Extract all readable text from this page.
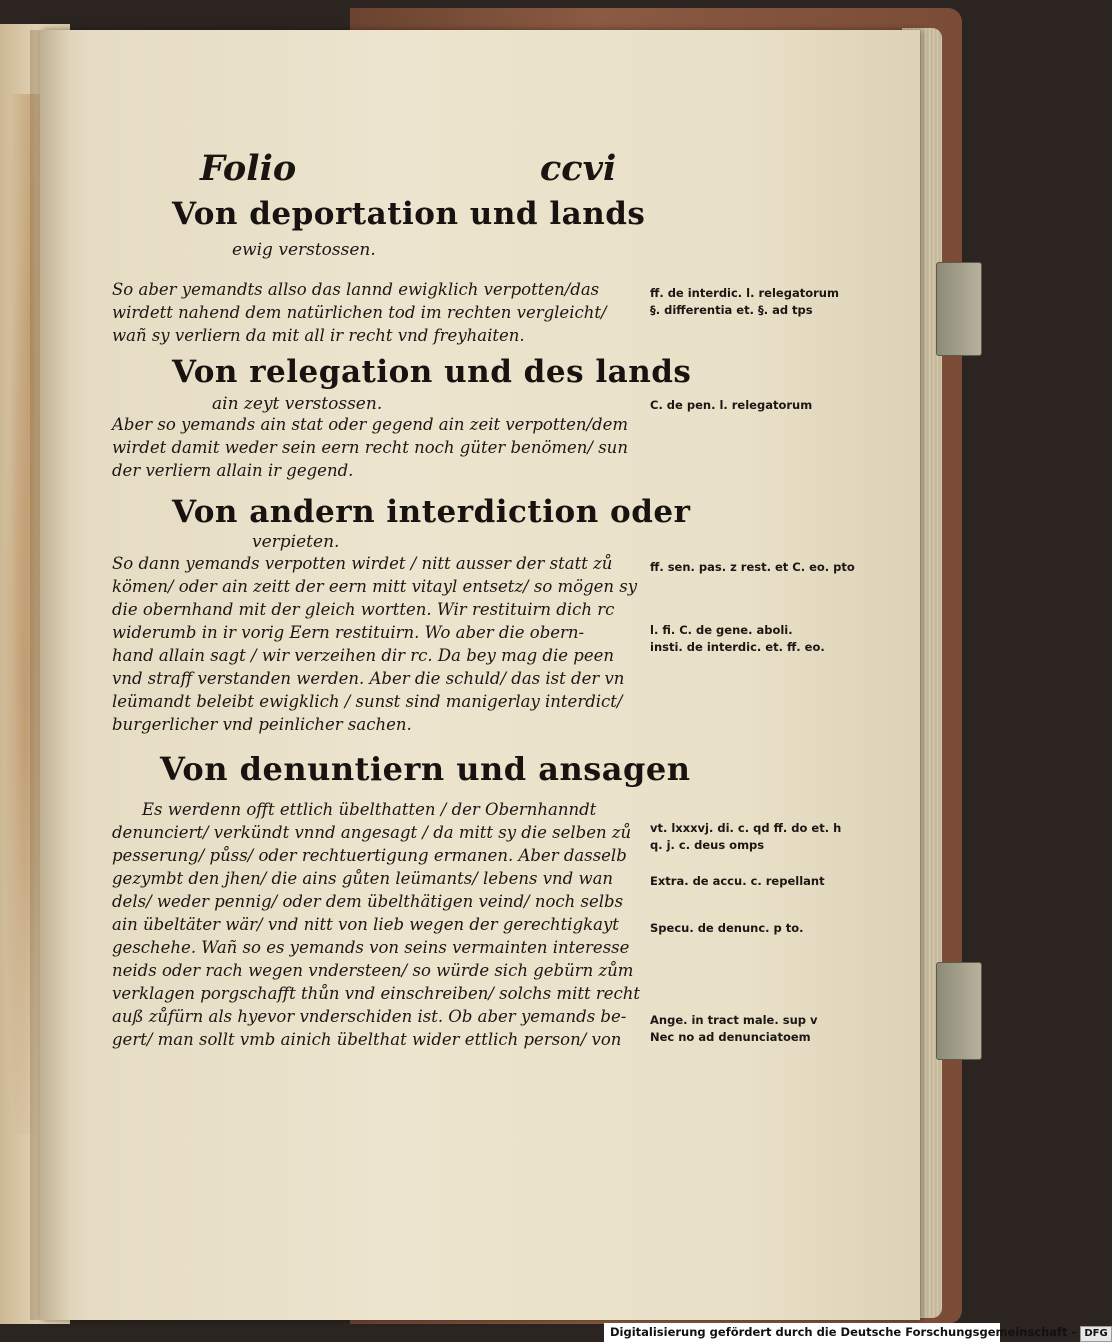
Folio	ccvi
Von deportation und lands
ewig verstossen.
So aber yemandts allso das lannd ewigklich verpotten/das
wirdett nahend dem natürlichen tod im rechten vergleicht/
wañ sy verliern da mit all ir recht vnd freyhaiten.
Von relegation und des lands
ain zeyt verstossen.
Aber so yemands ain stat oder gegend ain zeit verpotten/dem
wirdet damit weder sein eern recht noch güter benömen/ sun
der verliern allain ir gegend.
Von andern interdiction oder
verpieten.
So dann yemands verpotten wirdet / nitt ausser der statt zů
kömen/ oder ain zeitt der eern mitt vitayl entsetz/ so mögen sy
die obernhand mit der gleich wortten. Wir restituirn dich rc
widerumb in ir vorig Eern restituirn. Wo aber die obern-
hand allain sagt / wir verzeihen dir rc. Da bey mag die peen
vnd straff verstanden werden. Aber die schuld/ das ist der vn
leümandt beleibt ewigklich / sunst sind manigerlay interdict/
burgerlicher vnd peinlicher sachen.
Von denuntiern und ansagen
Es werdenn offt ettlich übelthatten / der Obernhanndt
denunciert/ verkündt vnnd angesagt / da mitt sy die selben zů
pesserung/ půss/ oder rechtuertigung ermanen. Aber dasselb
gezymbt den jhen/ die ains gůten leümants/ lebens vnd wan
dels/ weder pennig/ oder dem übelthätigen veind/ noch selbs
ain übeltäter wär/ vnd nitt von lieb wegen der gerechtigkayt
geschehe. Wañ so es yemands von seins vermainten interesse
neids oder rach wegen vndersteen/ so würde sich gebürn zům
verklagen porgschafft thůn vnd einschreiben/ solchs mitt recht
auß zůfürn als hyevor vnderschiden ist. Ob aber yemands be-
gert/ man sollt vmb ainich übelthat wider ettlich person/ von
ff. de interdic. l. relegatorum
§. differentia et. §. ad tps
C. de pen. l. relegatorum
ff. sen. pas. z rest. et C. eo. pto
l. fi. C. de gene. aboli.
insti. de interdic. et. ff. eo.
vt. lxxxvj. di. c. qd ff. do et. h
q. j. c. deus omps
Extra. de accu. c. repellant
Specu. de denunc. p to.
Ange. in tract male. sup v
Nec no ad denunciatoem
Digitalisierung gefördert durch die Deutsche Forschungsgemeinschaft - DFG
